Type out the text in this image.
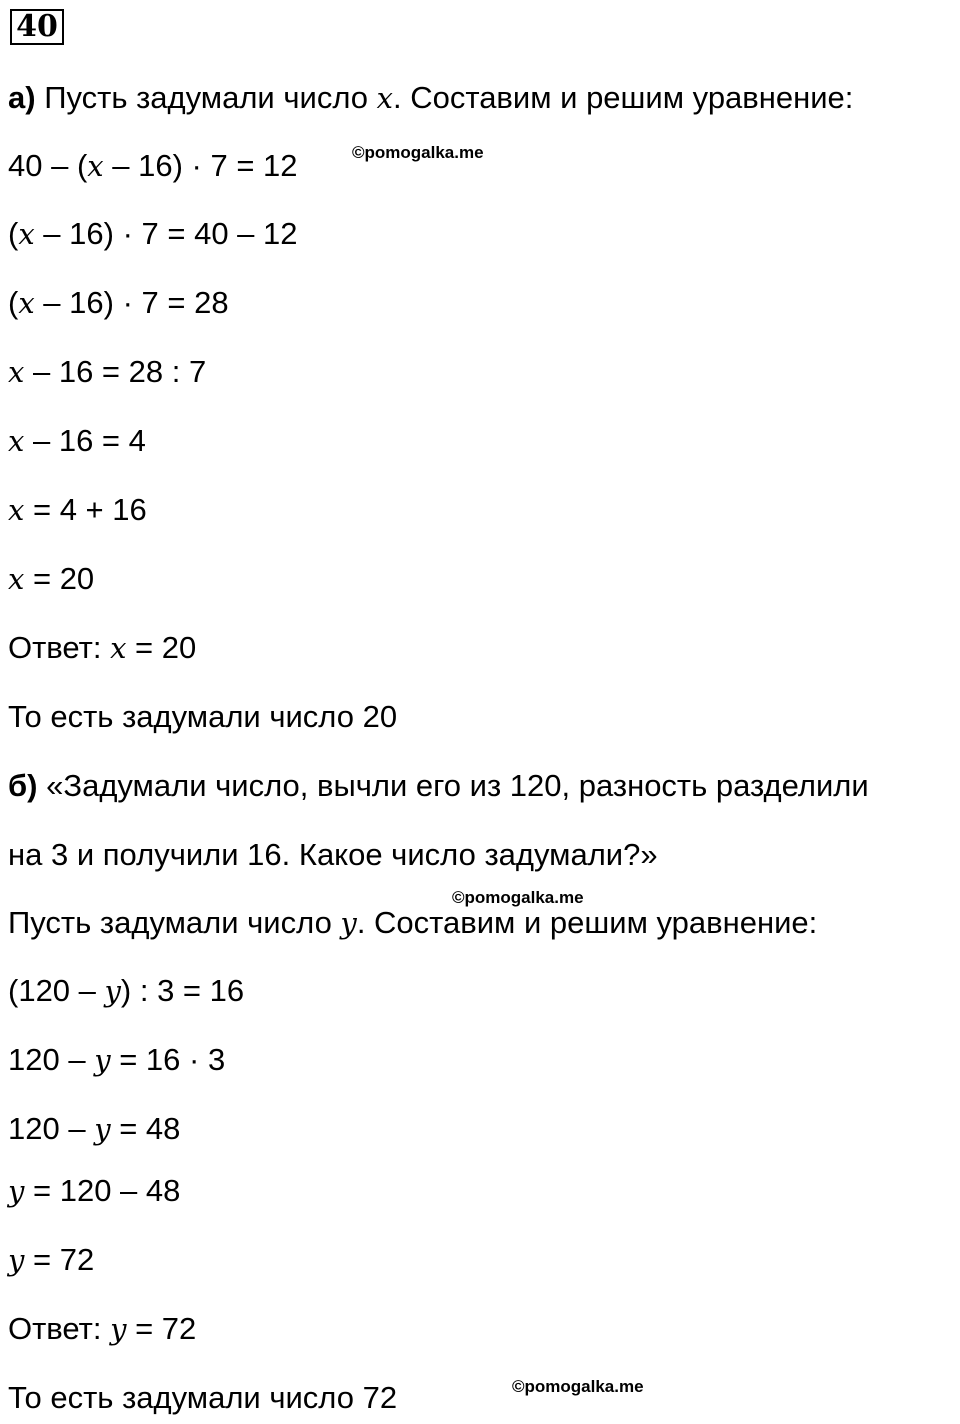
40
а) Пусть задумали число x. Составим и решим уравнение:
©pomogalka.me
40 – (x – 16) · 7 = 12
(x – 16) · 7 = 40 – 12
(x – 16) · 7 = 28
x – 16 = 28 : 7
x – 16 = 4
x = 4 + 16
x = 20
Ответ: x = 20
То есть задумали число 20
б) «Задумали число, вычли его из 120, разность разделили
на 3 и получили 16. Какое число задумали?»
©pomogalka.me
Пусть задумали число y. Составим и решим уравнение:
(120 – y) : 3 = 16
120 – y = 16 · 3
120 – y = 48
y = 120 – 48
y = 72
Ответ: y = 72
То есть задумали число 72	©pomogalka.me
